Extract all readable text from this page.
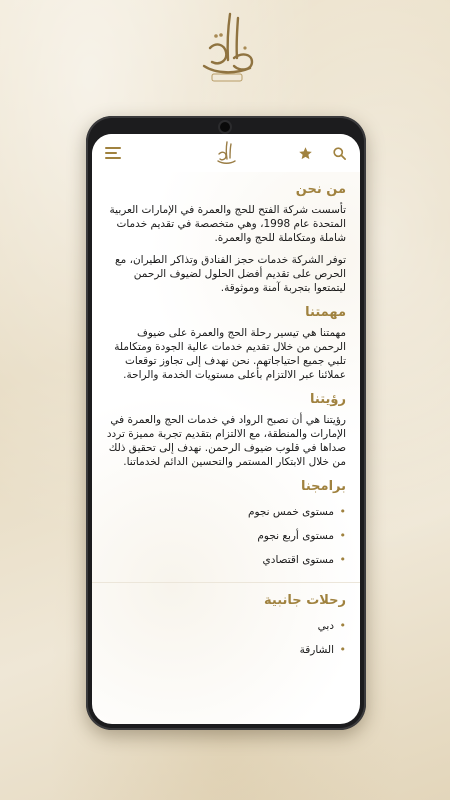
من نحن

تأسست شركة الفتح للحج والعمرة في الإمارات العربية المتحدة عام 1998، وهي متخصصة في تقديم خدمات شاملة ومتكاملة للحج والعمرة.

توفر الشركة خدمات حجز الفنادق وتذاكر الطيران، مع الحرص على تقديم أفضل الحلول لضيوف الرحمن ليتمتعوا بتجربة آمنة وموثوقة.

مهمتنا

مهمتنا هي تيسير رحلة الحج والعمرة على ضيوف الرحمن من خلال تقديم خدمات عالية الجودة ومتكاملة تلبي جميع احتياجاتهم. نحن نهدف إلى تجاوز توقعات عملائنا عبر الالتزام بأعلى مستويات الخدمة والراحة.

رؤيتنا

رؤيتنا هي أن نصبح الرواد في خدمات الحج والعمرة في الإمارات والمنطقة، مع الالتزام بتقديم تجربة مميزة تردد صداها في قلوب ضيوف الرحمن. نهدف إلى تحقيق ذلك من خلال الابتكار المستمر والتحسين الدائم لخدماتنا.

برامجنا
• مستوى خمس نجوم
• مستوى أربع نجوم
• مستوى اقتصادي
رحلات جانبية
• دبي
• الشارقة
